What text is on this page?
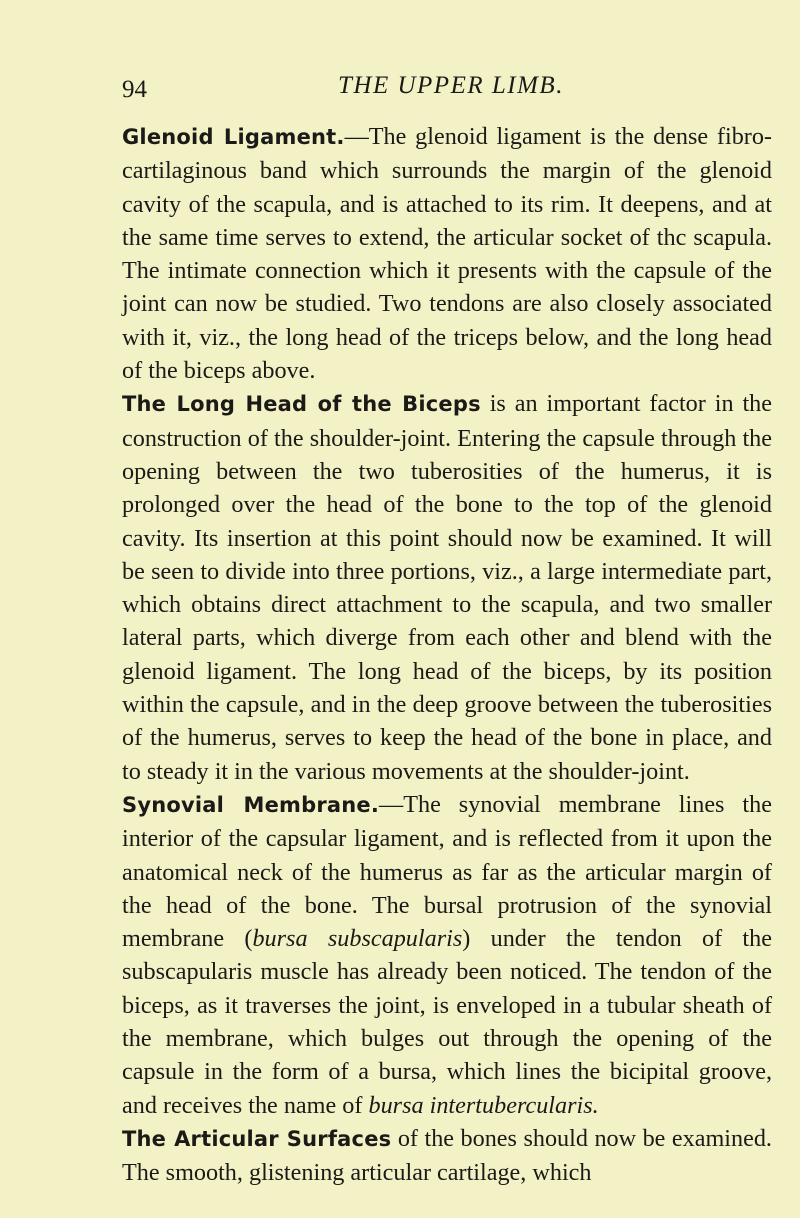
94	THE UPPER LIMB.

Glenoid Ligament.—The glenoid ligament is the dense fibro-cartilaginous band which surrounds the margin of the glenoid cavity of the scapula, and is attached to its rim. It deepens, and at the same time serves to extend, the articular socket of thc scapula. The intimate connection which it presents with the capsule of the joint can now be studied. Two tendons are also closely associated with it, viz., the long head of the triceps below, and the long head of the biceps above.

The Long Head of the Biceps is an important factor in the construction of the shoulder-joint. Entering the capsule through the opening between the two tuberosities of the humerus, it is prolonged over the head of the bone to the top of the glenoid cavity. Its insertion at this point should now be examined. It will be seen to divide into three portions, viz., a large intermediate part, which obtains direct attachment to the scapula, and two smaller lateral parts, which diverge from each other and blend with the glenoid ligament. The long head of the biceps, by its position within the capsule, and in the deep groove between the tuberosities of the humerus, serves to keep the head of the bone in place, and to steady it in the various movements at the shoulder-joint.

Synovial Membrane.—The synovial membrane lines the interior of the capsular ligament, and is reflected from it upon the anatomical neck of the humerus as far as the articular margin of the head of the bone. The bursal protrusion of the synovial membrane (bursa subscapularis) under the tendon of the subscapularis muscle has already been noticed. The tendon of the biceps, as it traverses the joint, is enveloped in a tubular sheath of the membrane, which bulges out through the opening of the capsule in the form of a bursa, which lines the bicipital groove, and receives the name of bursa intertubercularis.

The Articular Surfaces of the bones should now be examined. The smooth, glistening articular cartilage, which
